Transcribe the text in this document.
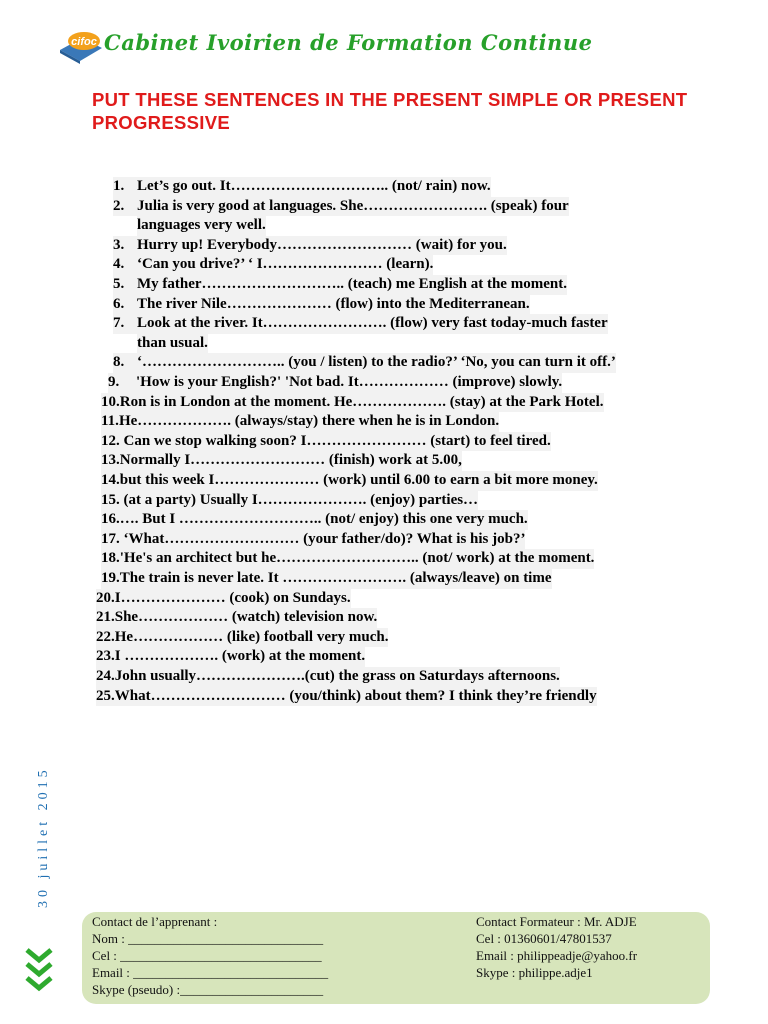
cifoc Cabinet Ivoirien de Formation Continue
PUT THESE SENTENCES IN THE PRESENT SIMPLE OR PRESENT PROGRESSIVE
1. Let’s go out. It………………………….. (not/ rain) now.
2. Julia is very good at languages. She……………………. (speak) four
languages very well.
3. Hurry up! Everybody……………………… (wait) for you.
4. ‘Can you drive?’ ‘ I…………………… (learn).
5. My father……………………….. (teach) me English at the moment.
6. The river Nile………………… (flow) into the Mediterranean.
7. Look at the river. It……………………. (flow) very fast today-much faster
than usual.
8. ‘……………………….. (you / listen) to the radio?’ ‘No, you can turn it off.’
9. 'How is your English?' 'Not bad. It……………… (improve) slowly.
10.Ron is in London at the moment. He………………. (stay) at the Park Hotel.
11.He………………. (always/stay) there when he is in London.
12. Can we stop walking soon? I…………………… (start) to feel tired.
13.Normally I……………………… (finish) work at 5.00,
14.but this week I………………… (work) until 6.00 to earn a bit more money.
15. (at a party) Usually I…………………. (enjoy) parties…
16.…. But I ……………………….. (not/ enjoy) this one very much.
17. ‘What……………………… (your father/do)? What is his job?’
18.'He's an architect but he……………………….. (not/ work) at the moment.
19.The train is never late. It ……………………. (always/leave) on time
20.I………………… (cook) on Sundays.
21.She……………… (watch) television now.
22.He……………… (like) football very much.
23.I ………………. (work) at the moment.
24.John usually………………….(cut) the grass on Saturdays afternoons.
25.What……………………… (you/think) about them? I think they’re friendly
30 juillet 2015
Contact de l’apprenant :
Nom : ______________________________
Cel : _______________________________
Email : ______________________________
Skype (pseudo) :______________________
Contact Formateur : Mr. ADJE
Cel : 01360601/47801537
Email : philippeadje@yahoo.fr
Skype : philippe.adje1
